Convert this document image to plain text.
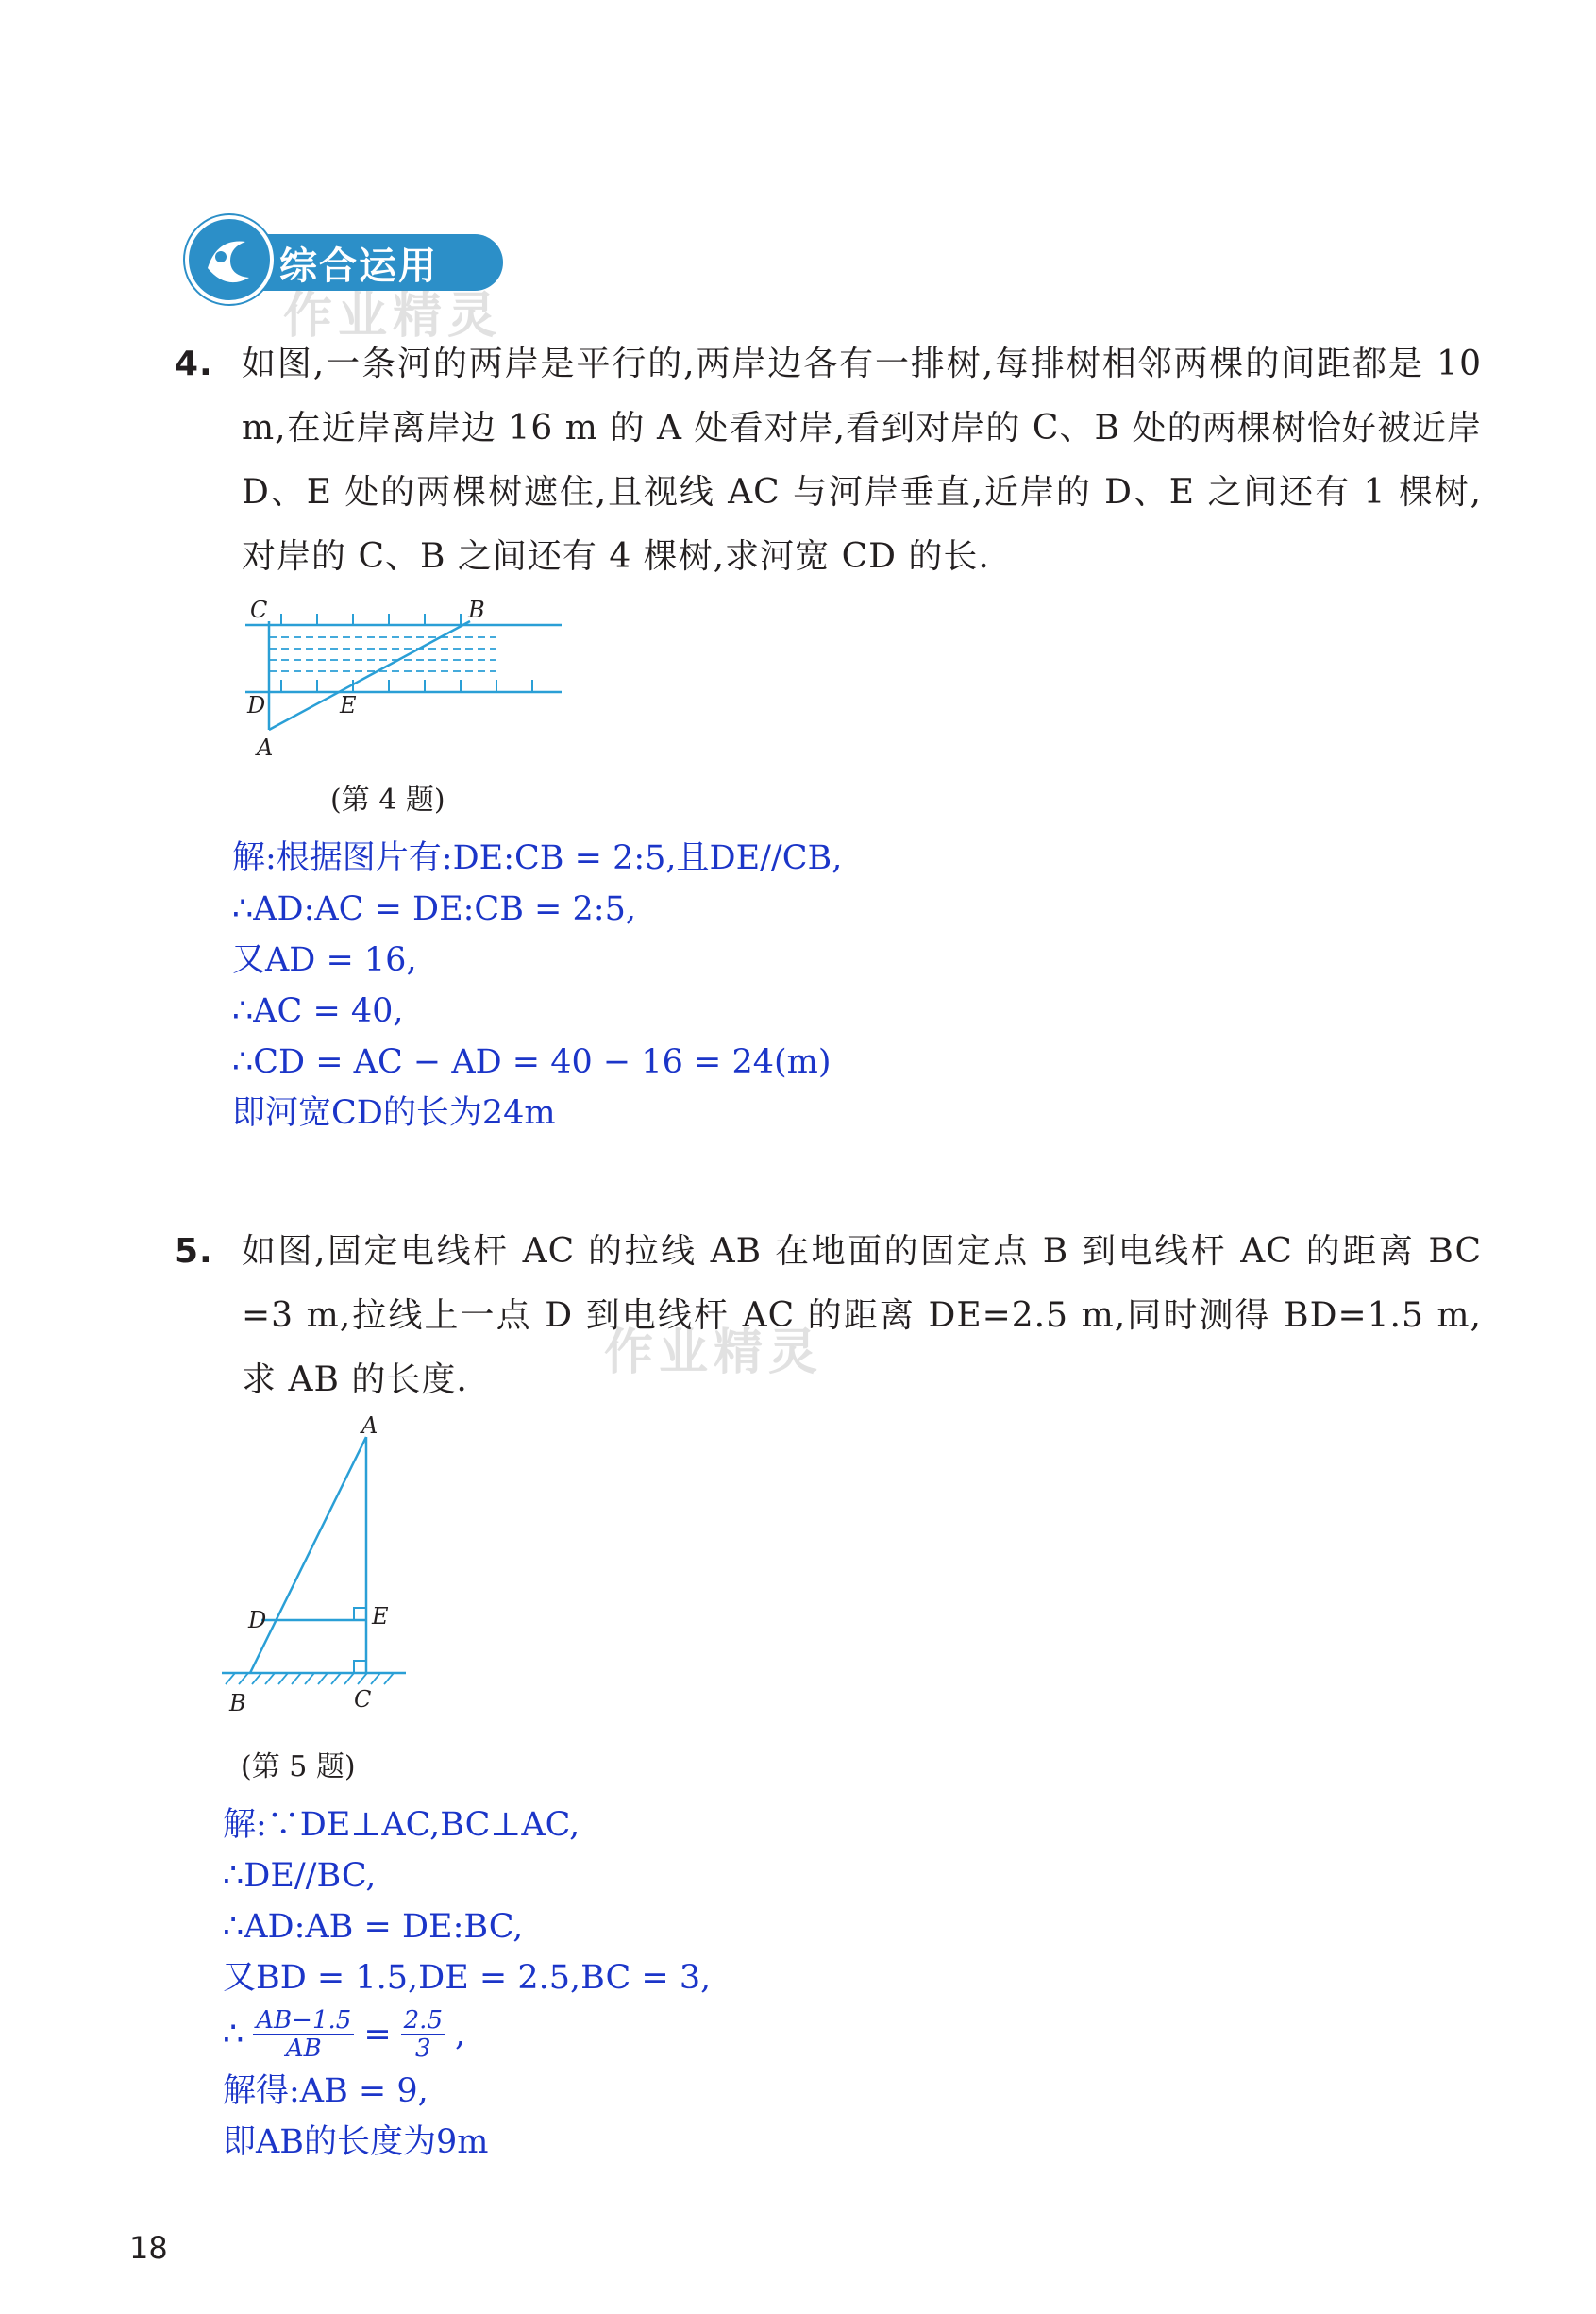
综合运用
作业精灵
4. 如图,一条河的两岸是平行的,两岸边各有一排树,每排树相邻两棵的间距都是 10 m,在近岸离岸边 16 m 的 A 处看对岸,看到对岸的 C、B 处的两棵树恰好被近岸 D、E 处的两棵树遮住,且视线 AC 与河岸垂直,近岸的 D、E 之间还有 1 棵树,对岸的 C、B 之间还有 4 棵树,求河宽 CD 的长.
C	B
D	E
A
(第 4 题)
解:根据图片有:DE:CB = 2:5,且DE//CB,
∴AD:AC = DE:CB = 2:5,
又AD = 16,
∴AC = 40,
∴CD = AC − AD = 40 − 16 = 24(m)
即河宽CD的长为24m
5. 如图,固定电线杆 AC 的拉线 AB 在地面的固定点 B 到电线杆 AC 的距离 BC =3 m,拉线上一点 D 到电线杆 AC 的距离 DE=2.5 m,同时测得 BD=1.5 m,求 AB 的长度.	作业精灵
A
D	E
B	C
(第 5 题)
解:∵DE⊥AC,BC⊥AC,
∴DE//BC,
∴AD:AB = DE:BC,
又BD = 1.5,DE = 2.5,BC = 3,
∴ $\frac{AB-1.5}{AB} = \frac{2.5}{3}$ ,
解得:AB = 9,
即AB的长度为9m
18
